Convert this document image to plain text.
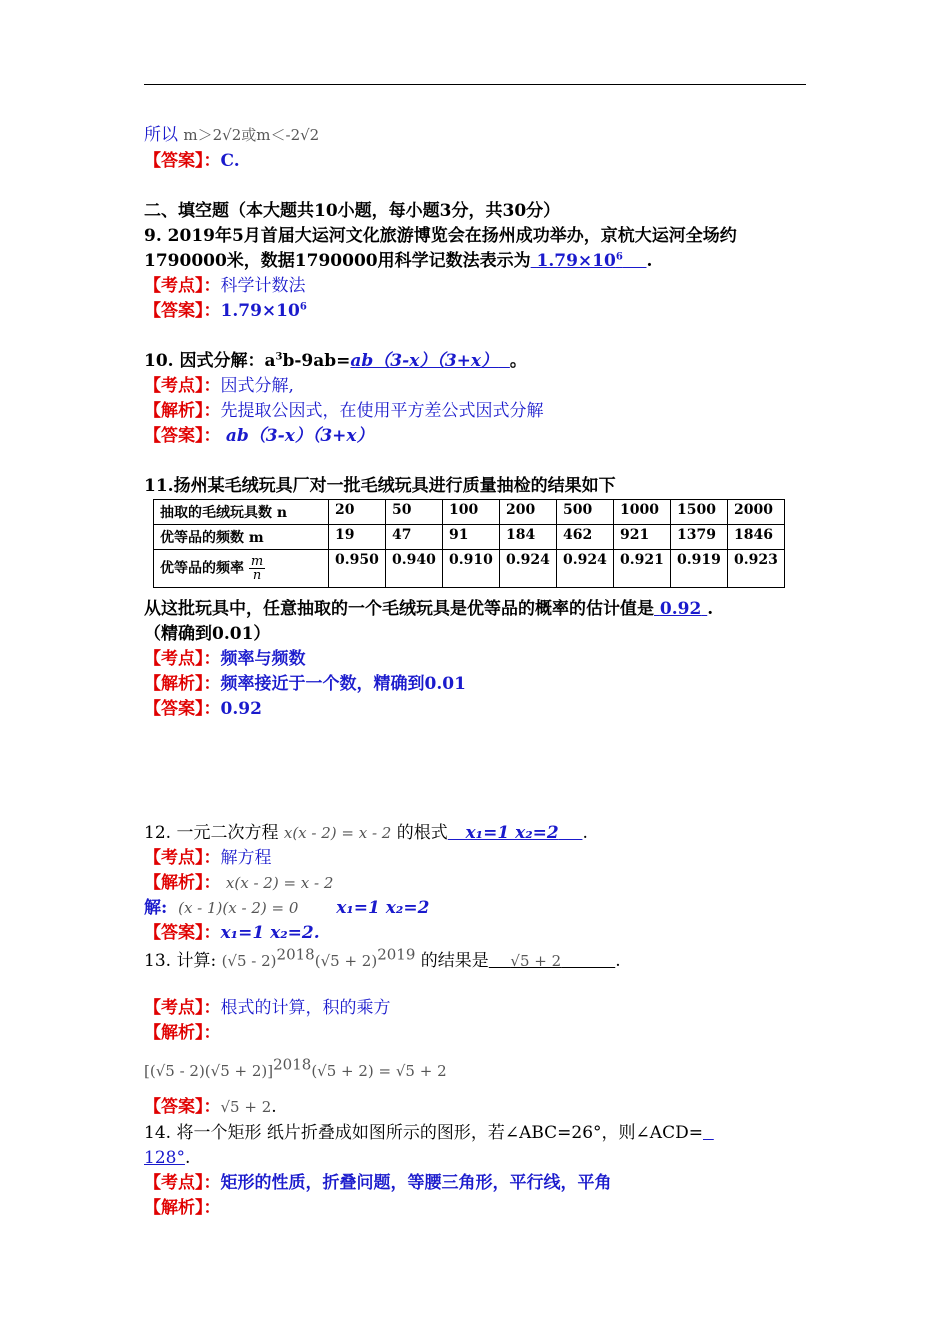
所以 m＞2√2或m＜‑2√2
【答案】：C.
二、填空题（本大题共10小题，每小题3分，共30分）
9. 2019年5月首届大运河文化旅游博览会在扬州成功举办，京杭大运河全场约
1790000米，数据1790000用科学记数法表示为 $1.79\times 10^6$ .
【考点】：科学计数法
【答案】：$1.79\times 10^6$
10. 因式分解：$a^3b-9ab=ab(3-x)(3+x)$ 。
【考点】：因式分解,
【解析】：先提取公因式，在使用平方差公式因式分解
【答案】： ab（3-x）（3+x）
11.扬州某毛绒玩具厂对一批毛绒玩具进行质量抽检的结果如下
抽取的毛绒玩具数 n	20	50	100	200	500	1000	1500	2000
优等品的频数 m	19	47	91	184	462	921	1379	1846
优等品的频率 $\frac{m}{n}$	0.950	0.940	0.910	0.924	0.924	0.921	0.919	0.923
从这批玩具中，任意抽取的一个毛绒玩具是优等品的概率的估计值是 0.92 .
（精确到0.01）
【考点】：频率与频数
【解析】：频率接近于一个数，精确到0.01
【答案】：0.92
12. 一元二次方程 x(x - 2) = x - 2 的根式 x₁=1 x₂=2 .
【考点】：解方程
【解析】： x(x - 2) = x - 2
解: (x - 1)(x - 2) = 0 x₁=1 x₂=2
【答案】：x₁=1 x₂=2.
13. 计算: $(√5 - 2)^{2018}(√5 + 2)^{2019}$ 的结果是 √5 + 2	.
【考点】：根式的计算，积的乘方
【解析】：
$[(√5 - 2)(√5 + 2)]^{2018}(√5 + 2) = √5 + 2$
【答案】：√5 + 2.
14. 将一个矩形 纸片折叠成如图所示的图形，若∠ABC=26°，则∠ACD=
128°.
【考点】：矩形的性质，折叠问题，等腰三角形，平行线，平角
【解析】：
